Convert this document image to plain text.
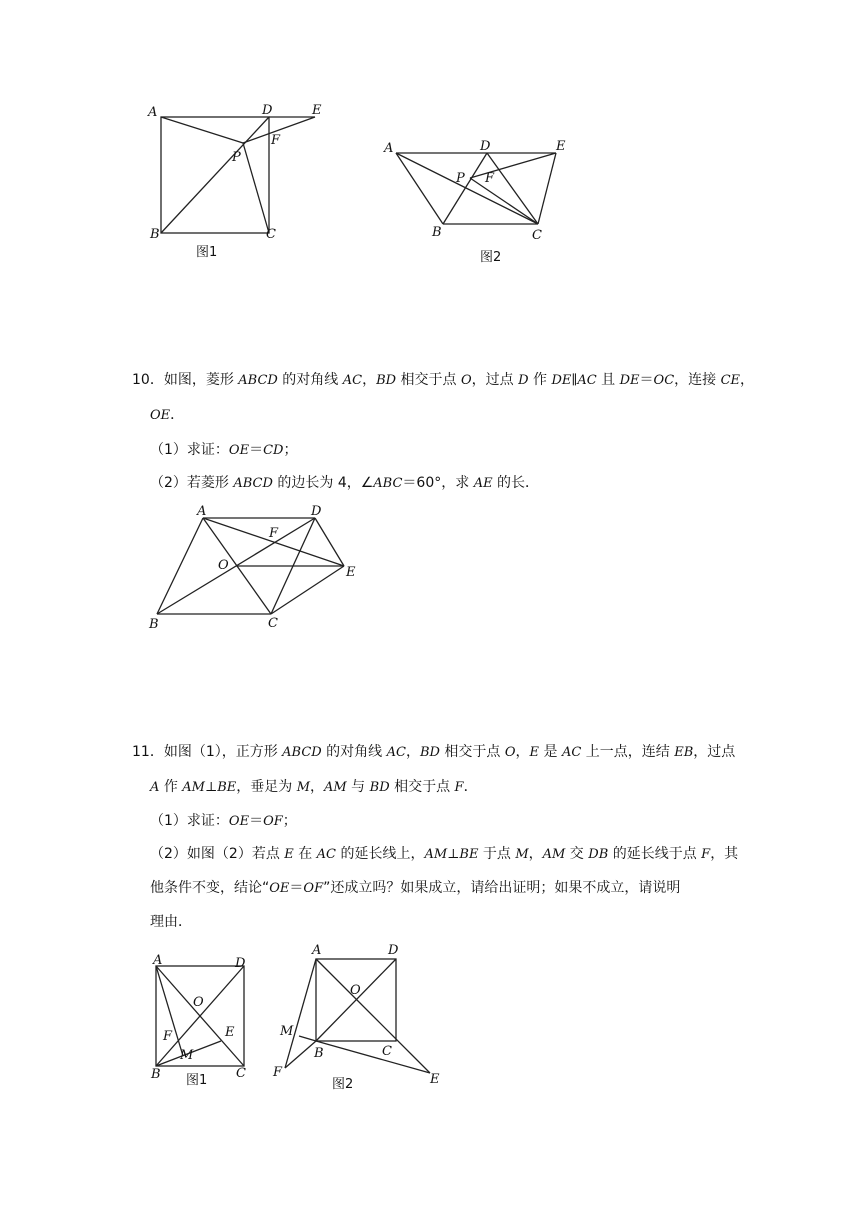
A	D	E
F
P
B	C
图1
A	D	E
P F
B	C
图2
10．如图，菱形 ABCD 的对角线 AC，BD 相交于点 O，过点 D 作 DE∥AC 且 DE＝OC，连接 CE，
OE．
（1）求证：OE＝CD；
（2）若菱形 ABCD 的边长为 4，∠ABC＝60°，求 AE 的长．
A	D
F
O	E
B	C
11．如图（1），正方形 ABCD 的对角线 AC，BD 相交于点 O，E 是 AC 上一点，连结 EB，过点
A 作 AM⊥BE，垂足为 M，AM 与 BD 相交于点 F．
（1）求证：OE＝OF；
（2）如图（2）若点 E 在 AC 的延长线上，AM⊥BE 于点 M，AM 交 DB 的延长线于点 F，其
他条件不变，结论“OE＝OF”还成立吗？如果成立，请给出证明；如果不成立，请说明
理由．
A	D
O
F	E
M
B	C
图1
A	D
O
M
B	C
F	E
图2
